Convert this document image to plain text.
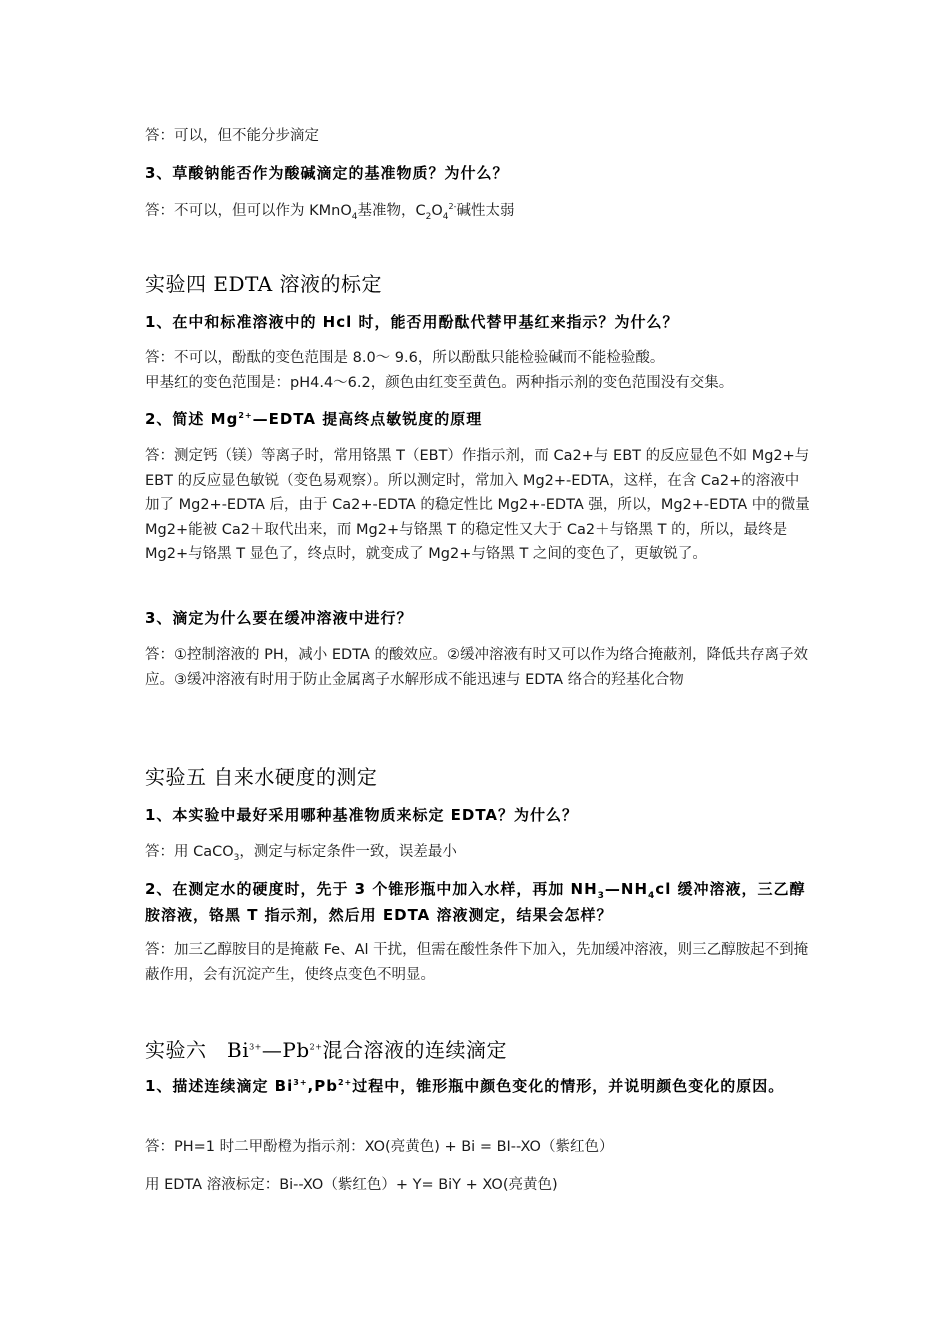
答：可以，但不能分步滴定
3、草酸钠能否作为酸碱滴定的基准物质？为什么？
答：不可以，但可以作为 KMnO$_4$基准物，$C_2O_4^{2-}$碱性太弱
实验四 EDTA 溶液的标定
1、在中和标准溶液中的 Hcl 时，能否用酚酞代替甲基红来指示？为什么？
答：不可以，酚酞的变色范围是 8.0～ 9.6，所以酚酞只能检验碱而不能检验酸。
甲基红的变色范围是：pH4.4～6.2，颜色由红变至黄色。两种指示剂的变色范围没有交集。
2、简述 $Mg^{2+}—EDTA$ 提高终点敏锐度的原理
答：测定钙（镁）等离子时，常用铬黑 T（EBT）作指示剂，而 Ca2+与 EBT 的反应显色不如 Mg2+与 EBT 的反应显色敏锐（变色易观察）。所以测定时，常加入 Mg2+-EDTA，这样，在含 Ca2+的溶液中加了 Mg2+-EDTA 后，由于 Ca2+-EDTA 的稳定性比 Mg2+-EDTA 强，所以，Mg2+-EDTA 中的微量 Mg2+能被 Ca2＋取代出来，而 Mg2+与铬黑 T 的稳定性又大于 Ca2＋与铬黑 T 的，所以，最终是 Mg2+与铬黑 T 显色了，终点时，就变成了 Mg2+与铬黑 T 之间的变色了，更敏锐了。
3、滴定为什么要在缓冲溶液中进行？
答：①控制溶液的 PH，减小 EDTA 的酸效应。②缓冲溶液有时又可以作为络合掩蔽剂，降低共存离子效应。③缓冲溶液有时用于防止金属离子水解形成不能迅速与 EDTA 络合的羟基化合物
实验五 自来水硬度的测定
1、本实验中最好采用哪种基准物质来标定 EDTA？为什么？
答：用 CaCO$_3$，测定与标定条件一致，误差最小
2、在测定水的硬度时，先于 3 个锥形瓶中加入水样，再加 $NH_3—NH_4cl$ 缓冲溶液，三乙醇胺溶液，铬黑 T 指示剂，然后用 EDTA 溶液测定，结果会怎样？
答：加三乙醇胺目的是掩蔽 Fe、Al 干扰，但需在酸性条件下加入，先加缓冲溶液，则三乙醇胺起不到掩蔽作用，会有沉淀产生，使终点变色不明显。
实验六　$Bi^{3+}—Pb^{2+}$混合溶液的连续滴定
1、描述连续滴定 $Bi^{3+},Pb^{2+}$过程中，锥形瓶中颜色变化的情形，并说明颜色变化的原因。
答：PH=1 时二甲酚橙为指示剂：XO(亮黄色) + Bi = BI--XO（紫红色）
用 EDTA 溶液标定：Bi--XO（紫红色）+ Y= BiY + XO(亮黄色)
